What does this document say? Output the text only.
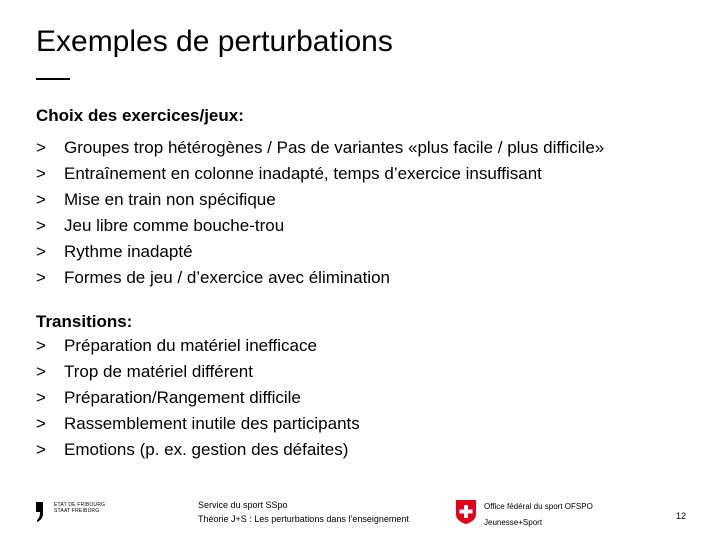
Exemples de perturbations
Choix des exercices/jeux:
>	Groupes trop hétérogènes / Pas de variantes «plus facile / plus difficile»
>	Entraînement en colonne inadapté, temps d’exercice insuffisant
>	Mise en train non spécifique
>	Jeu libre comme bouche-trou
>	Rythme inadapté
>	Formes de jeu / d’exercice avec élimination
Transitions:
>	Préparation du matériel inefficace
>	Trop de matériel différent
>	Préparation/Rangement difficile
>	Rassemblement inutile des participants
>	Emotions (p. ex. gestion des défaites)
ETAT DE FRIBOURG
STAAT FREIBURG
Service du sport SSpo
Théorie J+S : Les perturbations dans l’enseignement
Office fédéral du sport OFSPO
Jeunesse+Sport
12
